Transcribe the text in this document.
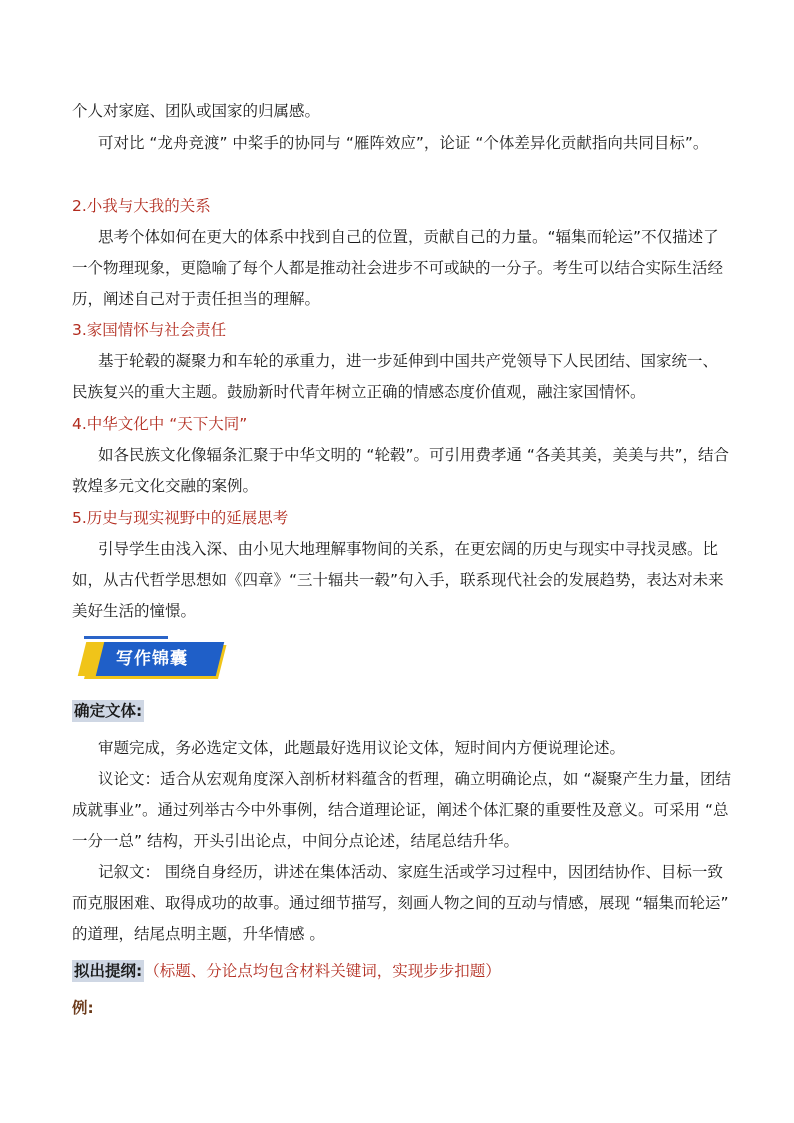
个人对家庭、团队或国家的归属感。

可对比 “龙舟竞渡” 中桨手的协同与 “雁阵效应”，论证 “个体差异化贡献指向共同目标”。

2.小我与大我的关系

思考个体如何在更大的体系中找到自己的位置，贡献自己的力量。“辐集而轮运”不仅描述了一个物理现象，更隐喻了每个人都是推动社会进步不可或缺的一分子。考生可以结合实际生活经历，阐述自己对于责任担当的理解。

3.家国情怀与社会责任

基于轮毂的凝聚力和车轮的承重力，进一步延伸到中国共产党领导下人民团结、国家统一、民族复兴的重大主题。鼓励新时代青年树立正确的情感态度价值观，融注家国情怀。

4.中华文化中 “天下大同”

如各民族文化像辐条汇聚于中华文明的 “轮毂”。可引用费孝通 “各美其美，美美与共”，结合敦煌多元文化交融的案例。

5.历史与现实视野中的延展思考

引导学生由浅入深、由小见大地理解事物间的关系，在更宏阔的历史与现实中寻找灵感。比如，从古代哲学思想如《四章》“三十辐共一毂”句入手，联系现代社会的发展趋势，表达对未来美好生活的憧憬。

写作锦囊

确定文体:

审题完成，务必选定文体，此题最好选用议论文体，短时间内方便说理论述。

议论文：适合从宏观角度深入剖析材料蕴含的哲理，确立明确论点，如 “凝聚产生力量，团结成就事业”。通过列举古今中外事例，结合道理论证，阐述个体汇聚的重要性及意义。可采用 “总一分一总” 结构，开头引出论点，中间分点论述，结尾总结升华。

记叙文： 围绕自身经历，讲述在集体活动、家庭生活或学习过程中，因团结协作、目标一致而克服困难、取得成功的故事。通过细节描写，刻画人物之间的互动与情感，展现 “辐集而轮运” 的道理，结尾点明主题，升华情感 。

拟出提纲: （标题、分论点均包含材料关键词，实现步步扣题）

例:
